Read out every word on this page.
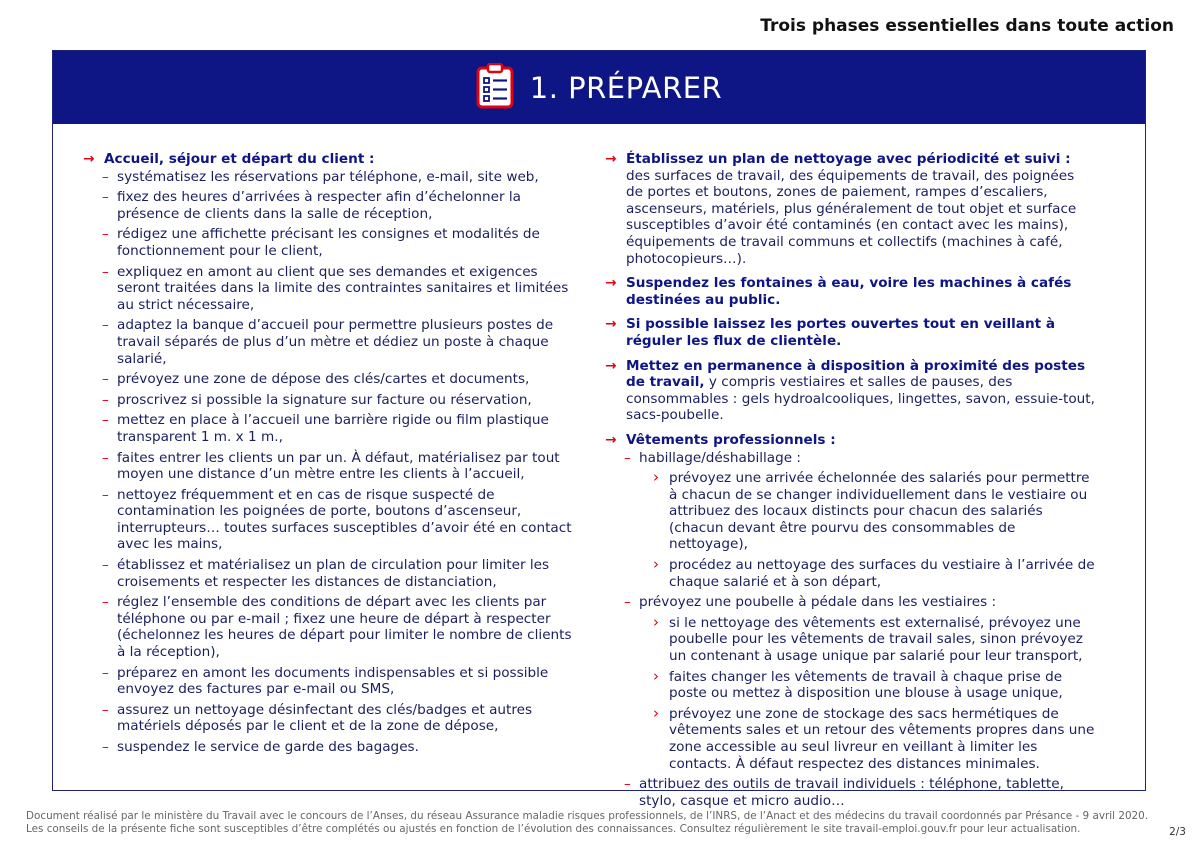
Trois phases essentielles dans toute action
1. PRÉPARER
→ Accueil, séjour et départ du client :
– systématisez les réservations par téléphone, e-mail, site web,
– fixez des heures d’arrivées à respecter afin d’échelonner la présence de clients dans la salle de réception,
– rédigez une affichette précisant les consignes et modalités de fonctionnement pour le client,
– expliquez en amont au client que ses demandes et exigences seront traitées dans la limite des contraintes sanitaires et limitées au strict nécessaire,
– adaptez la banque d’accueil pour permettre plusieurs postes de travail séparés de plus d’un mètre et dédiez un poste à chaque salarié,
– prévoyez une zone de dépose des clés/cartes et documents,
– proscrivez si possible la signature sur facture ou réservation,
– mettez en place à l’accueil une barrière rigide ou film plastique transparent 1 m. x 1 m.,
– faites entrer les clients un par un. À défaut, matérialisez par tout moyen une distance d’un mètre entre les clients à l’accueil,
– nettoyez fréquemment et en cas de risque suspecté de contamination les poignées de porte, boutons d’ascenseur, interrupteurs… toutes surfaces susceptibles d’avoir été en contact avec les mains,
– établissez et matérialisez un plan de circulation pour limiter les croisements et respecter les distances de distanciation,
– réglez l’ensemble des conditions de départ avec les clients par téléphone ou par e-mail ; fixez une heure de départ à respecter (échelonnez les heures de départ pour limiter le nombre de clients à la réception),
– préparez en amont les documents indispensables et si possible envoyez des factures par e-mail ou SMS,
– assurez un nettoyage désinfectant des clés/badges et autres matériels déposés par le client et de la zone de dépose,
– suspendez le service de garde des bagages.
→ Établissez un plan de nettoyage avec périodicité et suivi : des surfaces de travail, des équipements de travail, des poignées de portes et boutons, zones de paiement, rampes d’escaliers, ascenseurs, matériels, plus généralement de tout objet et surface susceptibles d’avoir été contaminés (en contact avec les mains), équipements de travail communs et collectifs (machines à café, photocopieurs…).
→ Suspendez les fontaines à eau, voire les machines à cafés destinées au public.
→ Si possible laissez les portes ouvertes tout en veillant à réguler les flux de clientèle.
→ Mettez en permanence à disposition à proximité des postes de travail, y compris vestiaires et salles de pauses, des consommables : gels hydroalcooliques, lingettes, savon, essuie-tout, sacs-poubelle.
→ Vêtements professionnels :
– habillage/déshabillage :
› prévoyez une arrivée échelonnée des salariés pour permettre à chacun de se changer individuellement dans le vestiaire ou attribuez des locaux distincts pour chacun des salariés (chacun devant être pourvu des consommables de nettoyage),
› procédez au nettoyage des surfaces du vestiaire à l’arrivée de chaque salarié et à son départ,
– prévoyez une poubelle à pédale dans les vestiaires :
› si le nettoyage des vêtements est externalisé, prévoyez une poubelle pour les vêtements de travail sales, sinon prévoyez un contenant à usage unique par salarié pour leur transport,
› faites changer les vêtements de travail à chaque prise de poste ou mettez à disposition une blouse à usage unique,
› prévoyez une zone de stockage des sacs hermétiques de vêtements sales et un retour des vêtements propres dans une zone accessible au seul livreur en veillant à limiter les contacts. À défaut respectez des distances minimales.
– attribuez des outils de travail individuels : téléphone, tablette, stylo, casque et micro audio…
Document réalisé par le ministère du Travail avec le concours de l’Anses, du réseau Assurance maladie risques professionnels, de l’INRS, de l’Anact et des médecins du travail coordonnés par Présance - 9 avril 2020.
Les conseils de la présente fiche sont susceptibles d’être complétés ou ajustés en fonction de l’évolution des connaissances. Consultez régulièrement le site travail-emploi.gouv.fr pour leur actualisation.	2/3
